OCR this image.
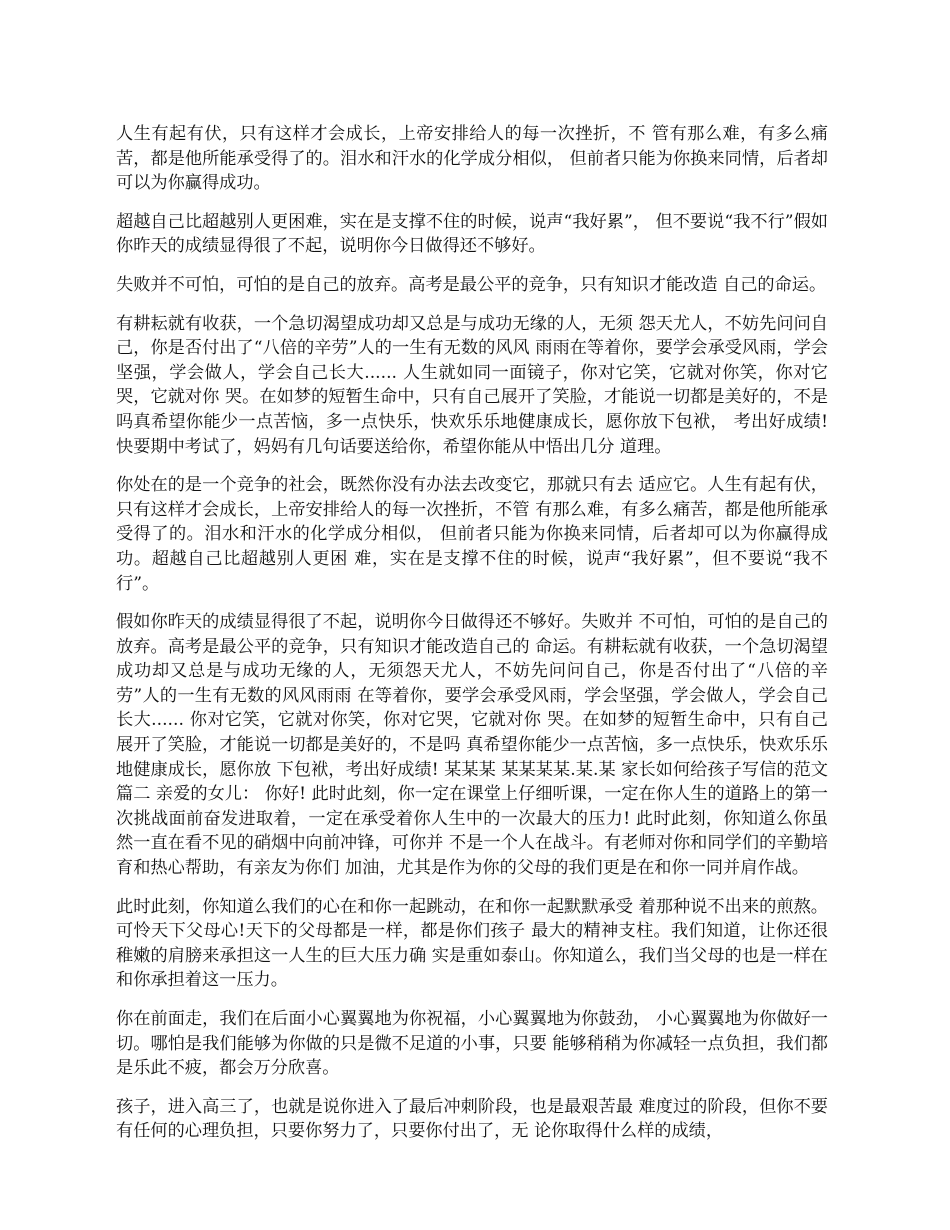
人生有起有伏，只有这样才会成长，上帝安排给人的每一次挫折，不 管有那么难，有多么痛苦，都是他所能承受得了的。泪水和汗水的化学成分相似， 但前者只能为你换来同情，后者却可以为你赢得成功。

超越自己比超越别人更困难，实在是支撑不住的时候，说声“我好累”， 但不要说“我不行”假如你昨天的成绩显得很了不起，说明你今日做得还不够好。

失败并不可怕，可怕的是自己的放弃。高考是最公平的竞争，只有知识才能改造 自己的命运。

有耕耘就有收获，一个急切渴望成功却又总是与成功无缘的人，无须 怨天尤人，不妨先问问自己，你是否付出了“八倍的辛劳”人的一生有无数的风风 雨雨在等着你，要学会承受风雨，学会坚强，学会做人，学会自己长大...... 人生就如同一面镜子，你对它笑，它就对你笑，你对它哭，它就对你 哭。在如梦的短暂生命中，只有自己展开了笑脸，才能说一切都是美好的，不是 吗真希望你能少一点苦恼，多一点快乐，快欢乐乐地健康成长，愿你放下包袱， 考出好成绩!快要期中考试了，妈妈有几句话要送给你，希望你能从中悟出几分 道理。

你处在的是一个竞争的社会，既然你没有办法去改变它，那就只有去 适应它。人生有起有伏，只有这样才会成长，上帝安排给人的每一次挫折，不管 有那么难，有多么痛苦，都是他所能承受得了的。泪水和汗水的化学成分相似， 但前者只能为你换来同情，后者却可以为你赢得成功。超越自己比超越别人更困 难，实在是支撑不住的时候，说声“我好累”，但不要说“我不行”。

假如你昨天的成绩显得很了不起，说明你今日做得还不够好。失败并 不可怕，可怕的是自己的放弃。高考是最公平的竞争，只有知识才能改造自己的 命运。有耕耘就有收获，一个急切渴望成功却又总是与成功无缘的人，无须怨天尤人，不妨先问问自己，你是否付出了“八倍的辛劳”人的一生有无数的风风雨雨 在等着你，要学会承受风雨，学会坚强，学会做人，学会自己长大...... 你对它笑，它就对你笑，你对它哭，它就对你 哭。在如梦的短暂生命中，只有自己展开了笑脸，才能说一切都是美好的，不是吗 真希望你能少一点苦恼，多一点快乐，快欢乐乐地健康成长，愿你放 下包袱，考出好成绩! 某某某 某某某某.某.某 家长如何给孩子写信的范文篇二 亲爱的女儿： 你好! 此时此刻，你一定在课堂上仔细听课，一定在你人生的道路上的第一 次挑战面前奋发进取着，一定在承受着你人生中的一次最大的压力! 此时此刻，你知道么你虽然一直在看不见的硝烟中向前冲锋，可你并 不是一个人在战斗。有老师对你和同学们的辛勤培育和热心帮助，有亲友为你们 加油，尤其是作为你的父母的我们更是在和你一同并肩作战。

此时此刻，你知道么我们的心在和你一起跳动，在和你一起默默承受 着那种说不出来的煎熬。可怜天下父母心!天下的父母都是一样，都是你们孩子 最大的精神支柱。我们知道，让你还很稚嫩的肩膀来承担这一人生的巨大压力确 实是重如泰山。你知道么，我们当父母的也是一样在和你承担着这一压力。

你在前面走，我们在后面小心翼翼地为你祝福，小心翼翼地为你鼓劲， 小心翼翼地为你做好一切。哪怕是我们能够为你做的只是微不足道的小事，只要 能够稍稍为你减轻一点负担，我们都是乐此不疲，都会万分欣喜。

孩子，进入高三了，也就是说你进入了最后冲刺阶段，也是最艰苦最 难度过的阶段，但你不要有任何的心理负担，只要你努力了，只要你付出了，无 论你取得什么样的成绩，
